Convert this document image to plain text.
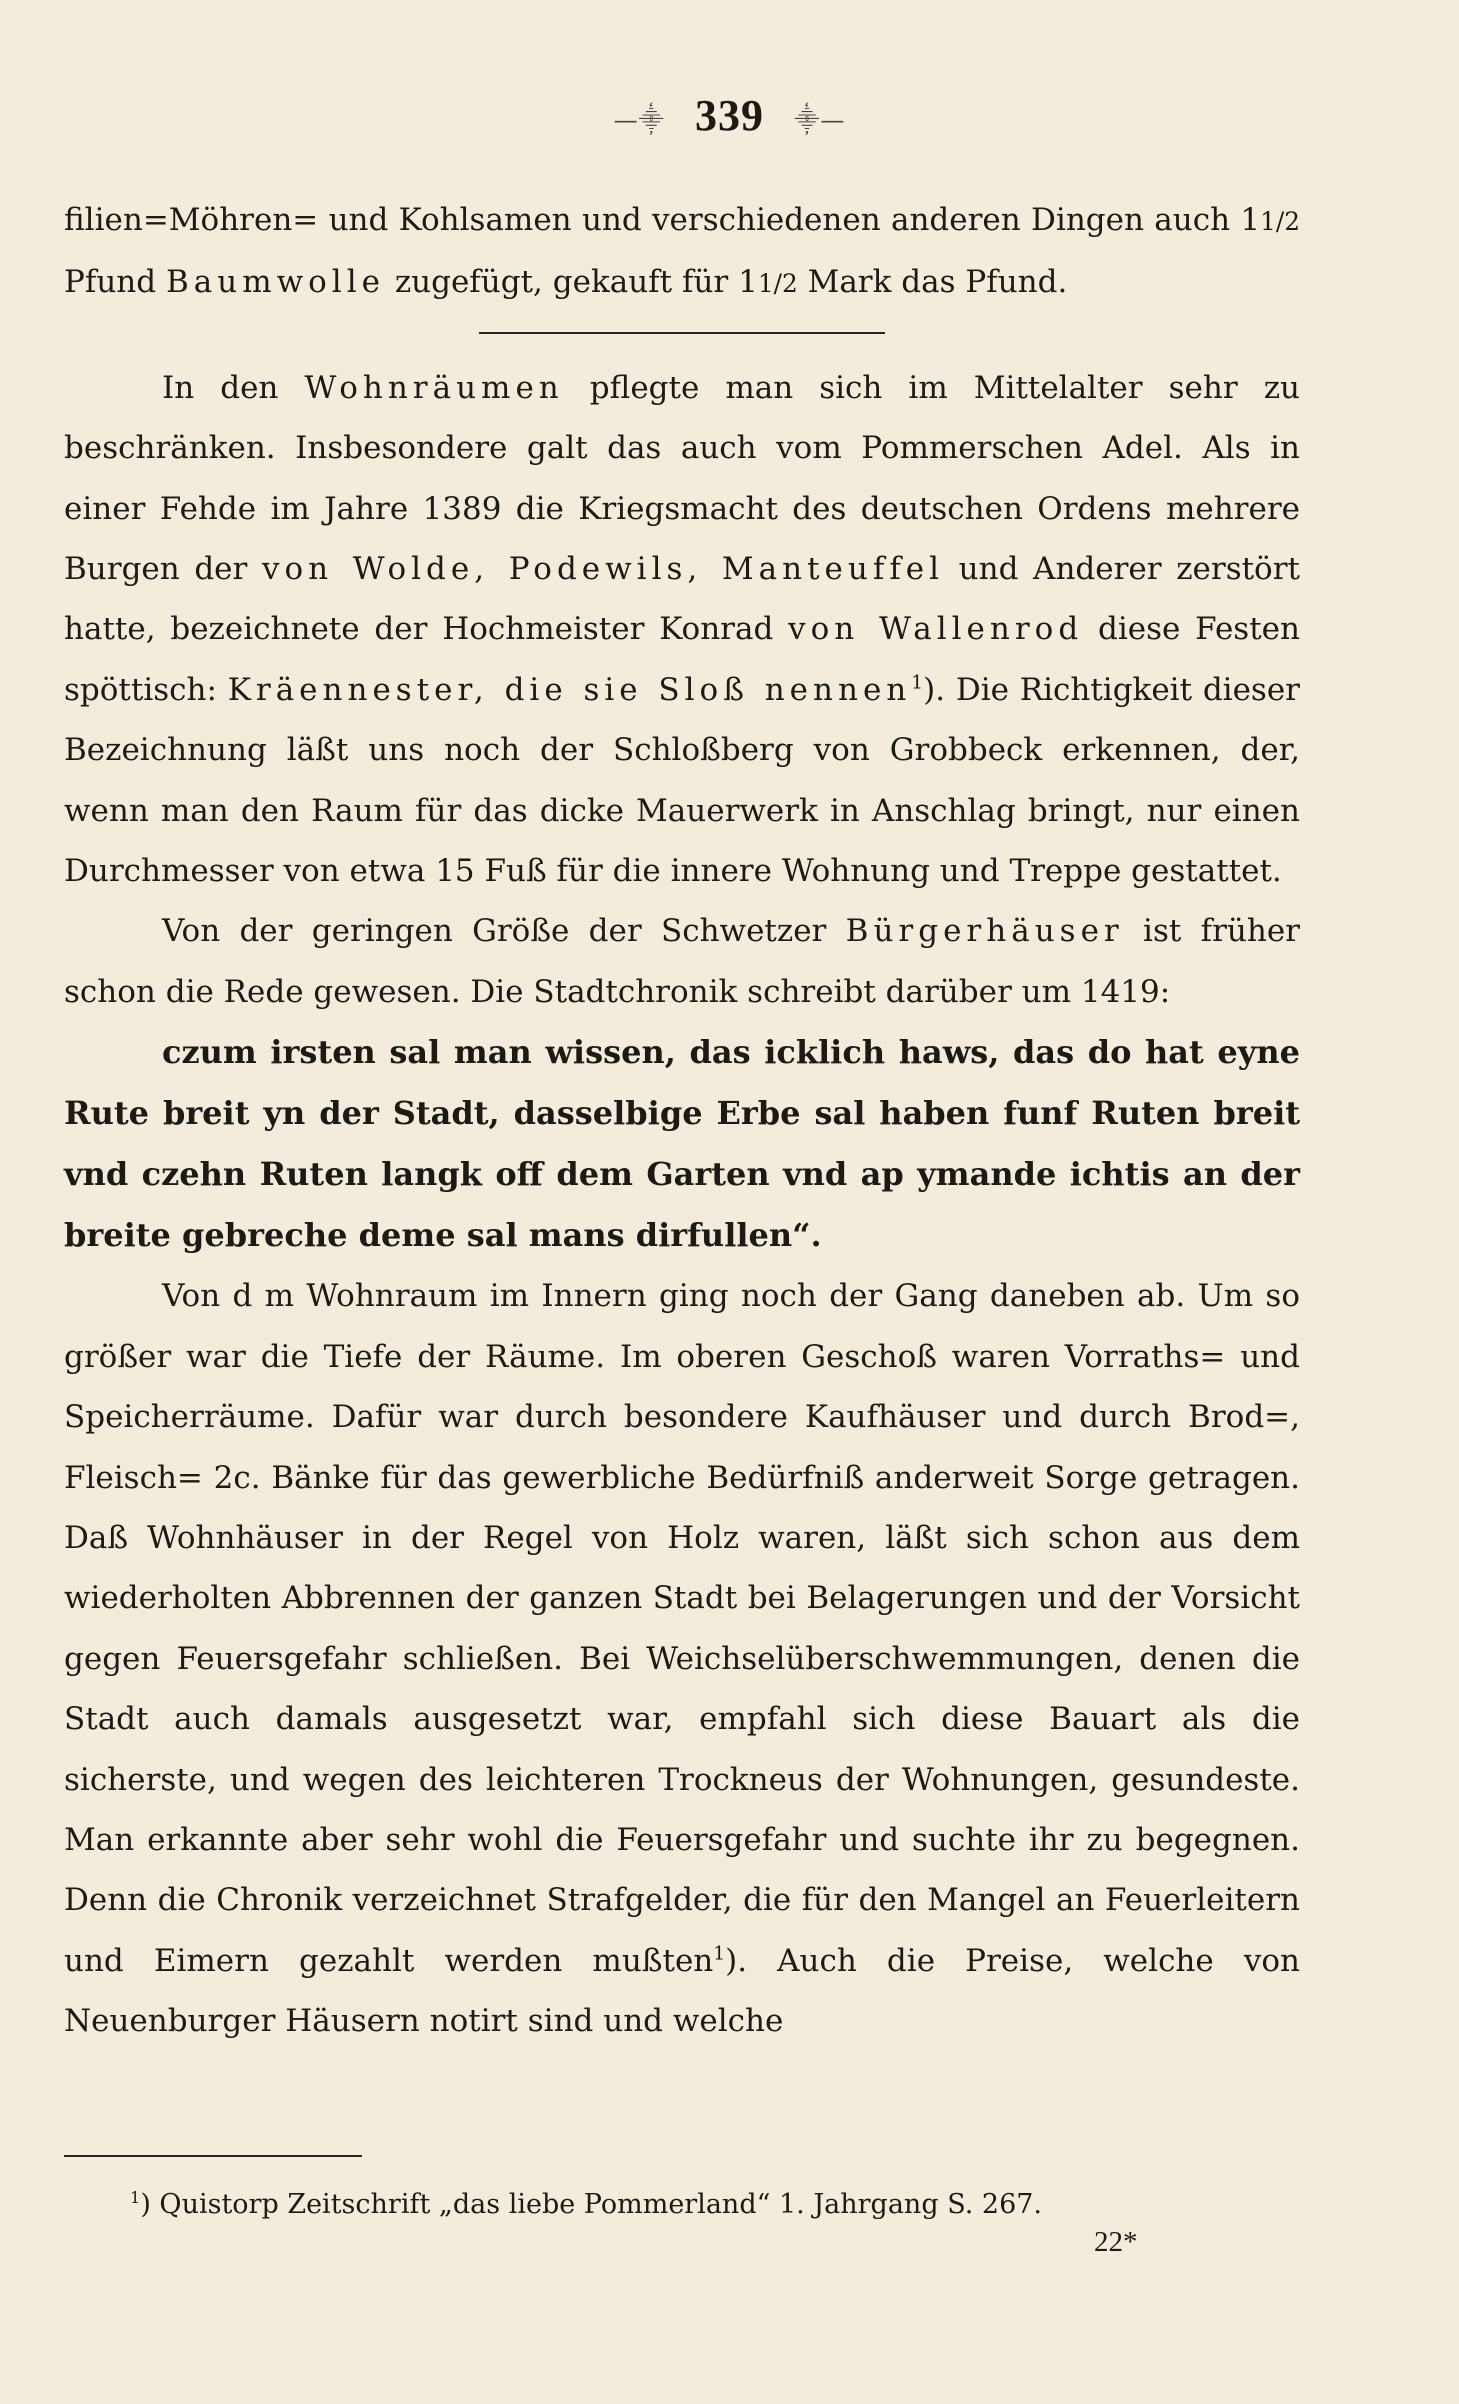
—⸎ 339 ⸎—

filien=Möhren= und Kohlsamen und verschiedenen anderen Dingen auch 11/2 Pfund Baumwolle zugefügt, gekauft für 11/2 Mark das Pfund.

In den Wohnräumen pflegte man sich im Mittelalter sehr zu beschränken. Insbesondere galt das auch vom Pommerschen Adel. Als in einer Fehde im Jahre 1389 die Kriegsmacht des deutschen Ordens mehrere Burgen der von Wolde, Podewils, Manteuffel und Anderer zerstört hatte, bezeichnete der Hochmeister Konrad von Wallenrod diese Festen spöttisch: Kräennester, die sie Sloß nennen$^1$). Die Richtigkeit dieser Bezeichnung läßt uns noch der Schloßberg von Grobbeck erkennen, der, wenn man den Raum für das dicke Mauerwerk in Anschlag bringt, nur einen Durchmesser von etwa 15 Fuß für die innere Wohnung und Treppe gestattet.

Von der geringen Größe der Schwetzer Bürgerhäuser ist früher schon die Rede gewesen. Die Stadtchronik schreibt darüber um 1419:

czum irsten sal man wissen, das icklich haws, das do hat eyne Rute breit yn der Stadt, dasselbige Erbe sal haben funf Ruten breit vnd czehn Ruten langk off dem Garten vnd ap ymande ichtis an der breite gebreche deme sal mans dirfullen“.

Von d m Wohnraum im Innern ging noch der Gang daneben ab. Um so größer war die Tiefe der Räume. Im oberen Geschoß waren Vorraths= und Speicherräume. Dafür war durch besondere Kaufhäuser und durch Brod=, Fleisch= 2c. Bänke für das gewerbliche Bedürfniß anderweit Sorge getragen. Daß Wohnhäuser in der Regel von Holz waren, läßt sich schon aus dem wiederholten Abbrennen der ganzen Stadt bei Belagerungen und der Vorsicht gegen Feuersgefahr schließen. Bei Weichselüberschwemmungen, denen die Stadt auch damals ausgesetzt war, empfahl sich diese Bauart als die sicherste, und wegen des leichteren Trockneus der Wohnungen, gesundeste. Man erkannte aber sehr wohl die Feuersgefahr und suchte ihr zu begegnen. Denn die Chronik verzeichnet Strafgelder, die für den Mangel an Feuerleitern und Eimern gezahlt werden mußten$^1$). Auch die Preise, welche von Neuenburger Häusern notirt sind und welche

$^1$) Quistorp Zeitschrift „das liebe Pommerland“ 1. Jahrgang S. 267.
22*
